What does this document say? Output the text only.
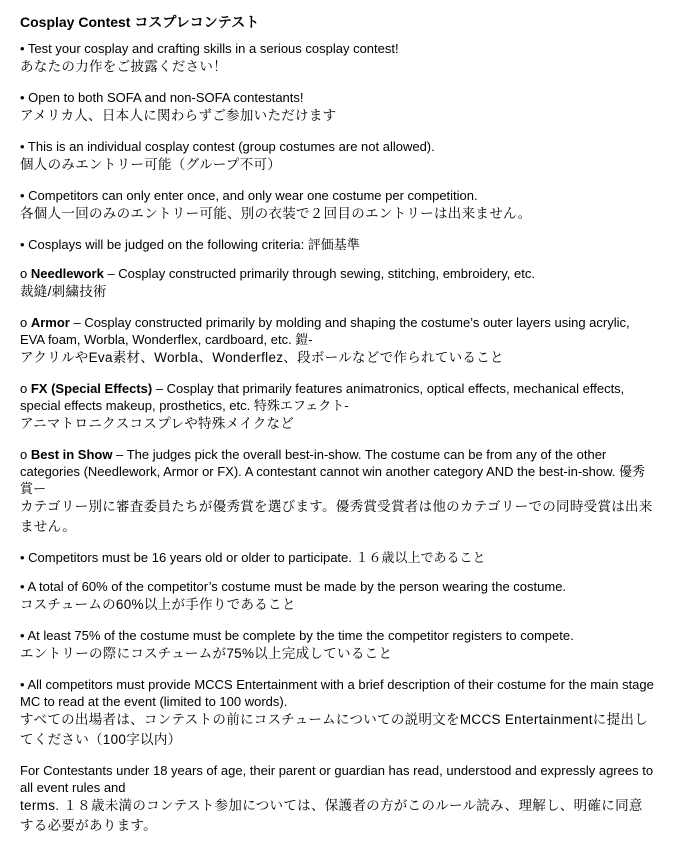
Cosplay Contest コスプレコンテスト
• Test your cosplay and crafting skills in a serious cosplay contest!
あなたの力作をご披露ください！
• Open to both SOFA and non-SOFA contestants!
アメリカ人、日本人に関わらずご参加いただけます
• This is an individual cosplay contest (group costumes are not allowed).
個人のみエントリー可能（グループ不可）
• Competitors can only enter once, and only wear one costume per competition.
各個人一回のみのエントリー可能、別の衣装で２回目のエントリーは出来ません。
• Cosplays will be judged on the following criteria: 評価基準
o Needlework – Cosplay constructed primarily through sewing, stitching, embroidery, etc.
裁縫/刺繍技術
o Armor – Cosplay constructed primarily by molding and shaping the costume’s outer layers using acrylic, EVA foam, Worbla, Wonderflex, cardboard, etc. 鎧-
アクリルやEva素材、Worbla、Wonderflez、段ボールなどで作られていること
o FX (Special Effects) – Cosplay that primarily features animatronics, optical effects, mechanical effects, special effects makeup, prosthetics, etc. 特殊エフェクト-
アニマトロニクスコスプレや特殊メイクなど
o Best in Show – The judges pick the overall best-in-show. The costume can be from any of the other categories (Needlework, Armor or FX). A contestant cannot win another category AND the best-in-show. 優秀賞ー
カテゴリー別に審査委員たちが優秀賞を選びます。優秀賞受賞者は他のカテゴリーでの同時受賞は出来ません。
• Competitors must be 16 years old or older to participate. １６歳以上であること
• A total of 60% of the competitor’s costume must be made by the person wearing the costume.
コスチュームの60%以上が手作りであること
• At least 75% of the costume must be complete by the time the competitor registers to compete.
エントリーの際にコスチュームが75%以上完成していること
• All competitors must provide MCCS Entertainment with a brief description of their costume for the main stage MC to read at the event (limited to 100 words).
すべての出場者は、コンテストの前にコスチュームについての説明文をMCCS Entertainmentに提出してください（100字以内）
For Contestants under 18 years of age, their parent or guardian has read, understood and expressly agrees to all event rules and
terms. １８歳未満のコンテスト参加については、保護者の方がこのルール読み、理解し、明確に同意する必要があります。
